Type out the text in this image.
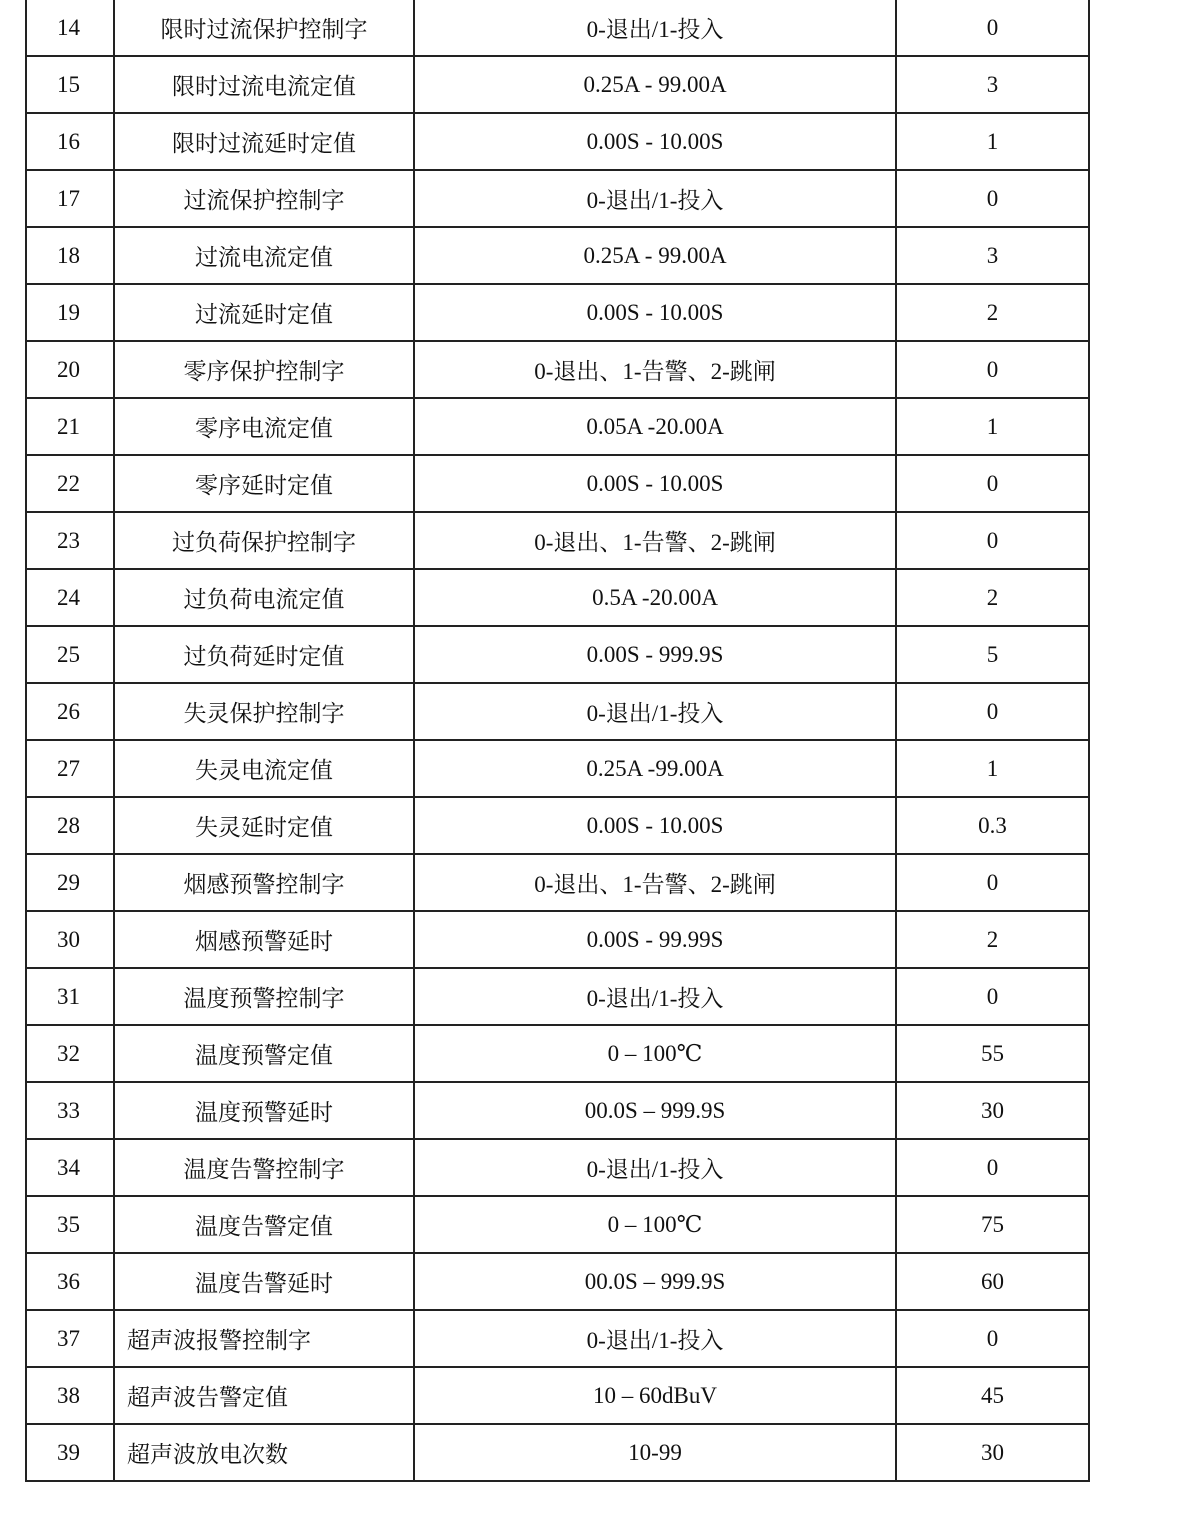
14	限时过流保护控制字	0-退出/1-投入	0
15	限时过流电流定值	0.25A - 99.00A	3
16	限时过流延时定值	0.00S - 10.00S	1
17	过流保护控制字	0-退出/1-投入	0
18	过流电流定值	0.25A - 99.00A	3
19	过流延时定值	0.00S - 10.00S	2
20	零序保护控制字	0-退出、1-告警、2-跳闸	0
21	零序电流定值	0.05A -20.00A	1
22	零序延时定值	0.00S - 10.00S	0
23	过负荷保护控制字	0-退出、1-告警、2-跳闸	0
24	过负荷电流定值	0.5A -20.00A	2
25	过负荷延时定值	0.00S - 999.9S	5
26	失灵保护控制字	0-退出/1-投入	0
27	失灵电流定值	0.25A -99.00A	1
28	失灵延时定值	0.00S - 10.00S	0.3
29	烟感预警控制字	0-退出、1-告警、2-跳闸	0
30	烟感预警延时	0.00S - 99.99S	2
31	温度预警控制字	0-退出/1-投入	0
32	温度预警定值	0 – 100℃	55
33	温度预警延时	00.0S – 999.9S	30
34	温度告警控制字	0-退出/1-投入	0
35	温度告警定值	0 – 100℃	75
36	温度告警延时	00.0S – 999.9S	60
37	超声波报警控制字	0-退出/1-投入	0
38	超声波告警定值	10 – 60dBuV	45
39	超声波放电次数	10-99	30
